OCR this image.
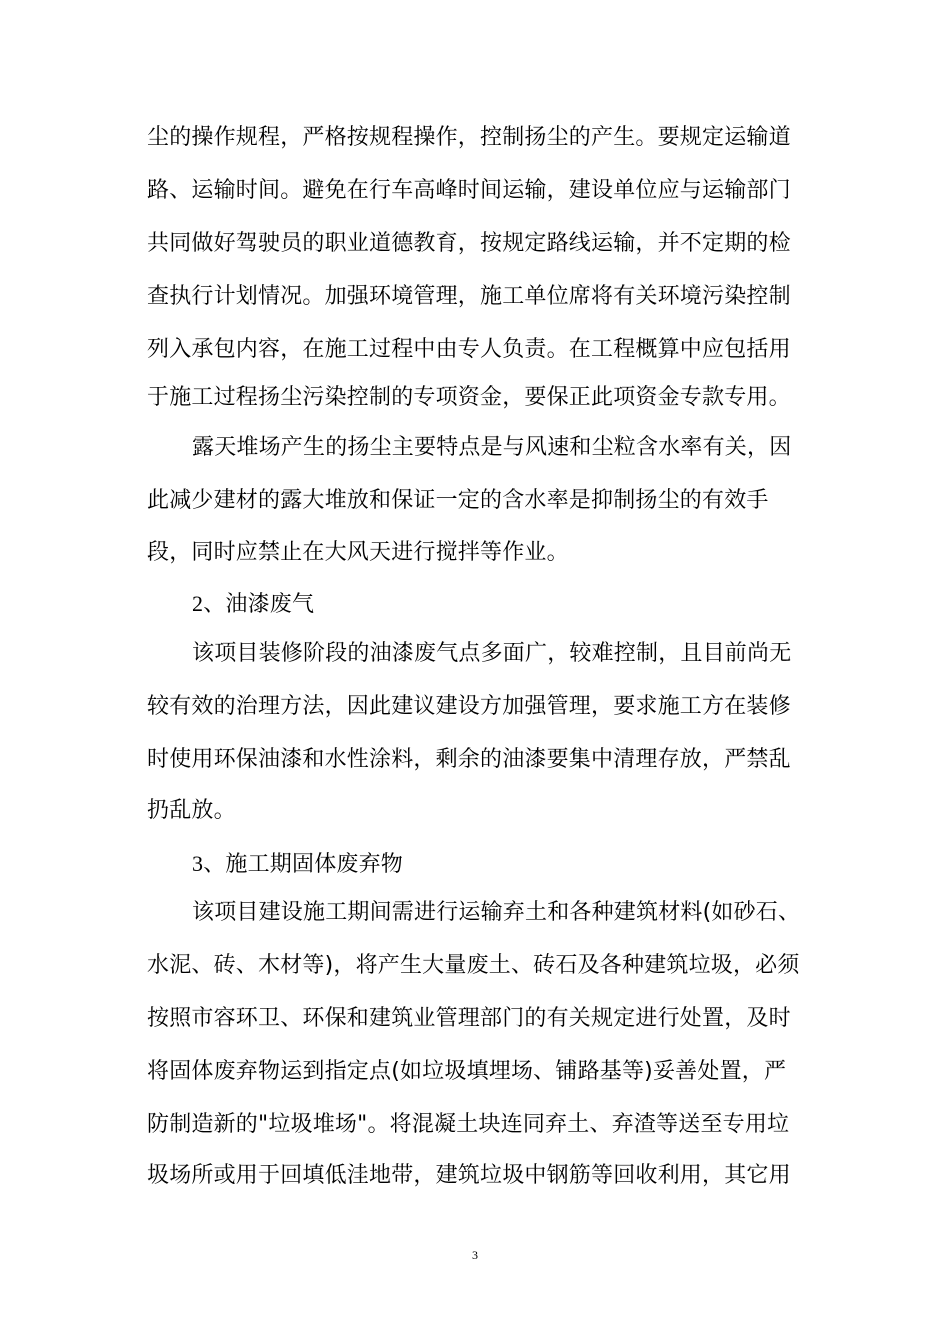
尘的操作规程，严格按规程操作，控制扬尘的产生。要规定运输道
路、运输时间。避免在行车高峰时间运输，建设单位应与运输部门
共同做好驾驶员的职业道德教育，按规定路线运输，并不定期的检
查执行计划情况。加强环境管理，施工单位席将有关环境污染控制
列入承包内容，在施工过程中由专人负责。在工程概算中应包括用
于施工过程扬尘污染控制的专项资金，要保正此项资金专款专用。
露天堆场产生的扬尘主要特点是与风速和尘粒含水率有关，因
此减少建材的露大堆放和保证一定的含水率是抑制扬尘的有效手
段，同时应禁止在大风天进行搅拌等作业。
2、油漆废气
该项目装修阶段的油漆废气点多面广，较难控制，且目前尚无
较有效的治理方法，因此建议建设方加强管理，要求施工方在装修
时使用环保油漆和水性涂料，剩余的油漆要集中清理存放，严禁乱
扔乱放。
3、施工期固体废弃物
该项目建设施工期间需进行运输弃土和各种建筑材料(如砂石、
水泥、砖、木材等)，将产生大量废土、砖石及各种建筑垃圾，必须
按照市容环卫、环保和建筑业管理部门的有关规定进行处置，及时
将固体废弃物运到指定点(如垃圾填埋场、铺路基等)妥善处置，严
防制造新的"垃圾堆场"。将混凝土块连同弃土、弃渣等送至专用垃
圾场所或用于回填低洼地带，建筑垃圾中钢筋等回收利用，其它用
3
